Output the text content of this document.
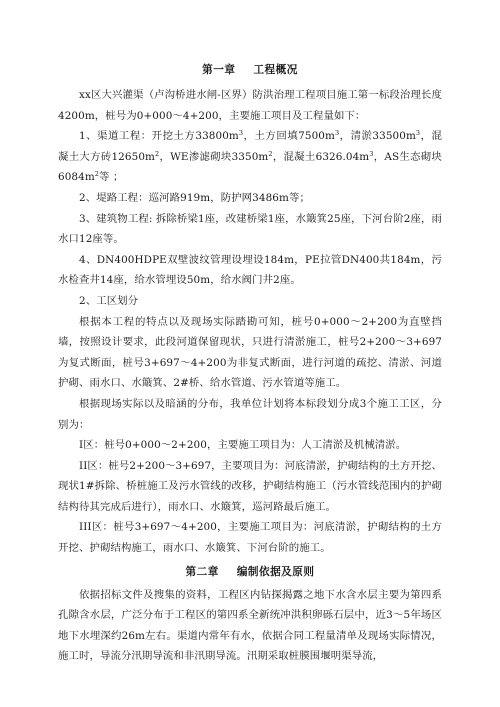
第一章 工程概况

xx区大兴灌渠（卢沟桥进水闸-区界）防洪治理工程项目施工第一标段治理长度4200m，桩号为0+000～4+200，主要施工项目及工程量如下：

1、渠道工程：开挖土方$33800m^3$，土方回填$7500m^3$，清淤$33500m^3$，混凝土大方砖$12650m^2$，WE渗滤砌块$3350m^2$，混凝土$6326.04m^3$，AS生态砌块$6084m^2$等 ；

2、堤路工程：巡河路919m，防护网3486m等；

3、建筑物工程: 拆除桥梁1座，改建桥梁1座，水簸箕25座，下河台阶2座，雨水口12座等。

4、DN400HDPE双壁波纹管理设埋设184m，PE拉管DN400共184m，污水检查井14座，给水管埋设50m，给水阀门井2座。

2、工区划分

根据本工程的特点以及现场实际踏勘可知，桩号0+000～2+200为直壁挡墙，按照设计要求，此段河道保留现状，只进行清淤施工，桩号2+200～3+697为复式断面，桩号3+697～4+200为非复式断面，进行河道的疏挖、清淤、河道护砌、雨水口、水簸箕、2#桥、给水管道、污水管道等施工。

根据现场实际以及暗涵的分布，我单位计划将本标段划分成3个施工工区，分别为：

I区：桩号0+000～2+200，主要施工项目为：人工清淤及机械清淤。

II区：桩号2+200～3+697，主要项目为：河底清淤，护砌结构的土方开挖、现状1#拆除、桥桩施工及污水管线的改移，护砌结构施工（污水管线范围内的护砌结构待其完成后进行），雨水口、水簸箕，巡河路最后施工。

III区：桩号3+697～4+200，主要施工项目为：河底清淤，护砌结构的土方开挖、护砌结构施工，雨水口、水簸箕、下河台阶的施工。

第二章 编制依据及原则

依据招标文件及搜集的资料，工程区内钻探揭露之地下水含水层主要为第四系孔隙含水层，广泛分布于工程区的第四系全新统冲洪积卵砾石层中，近3～5年场区地下水埋深约26m左右。渠道内常年有水，依据合同工程量清单及现场实际情况，施工时，导流分汛期导流和非汛期导流。汛期采取桩膜围堰明渠导流，
